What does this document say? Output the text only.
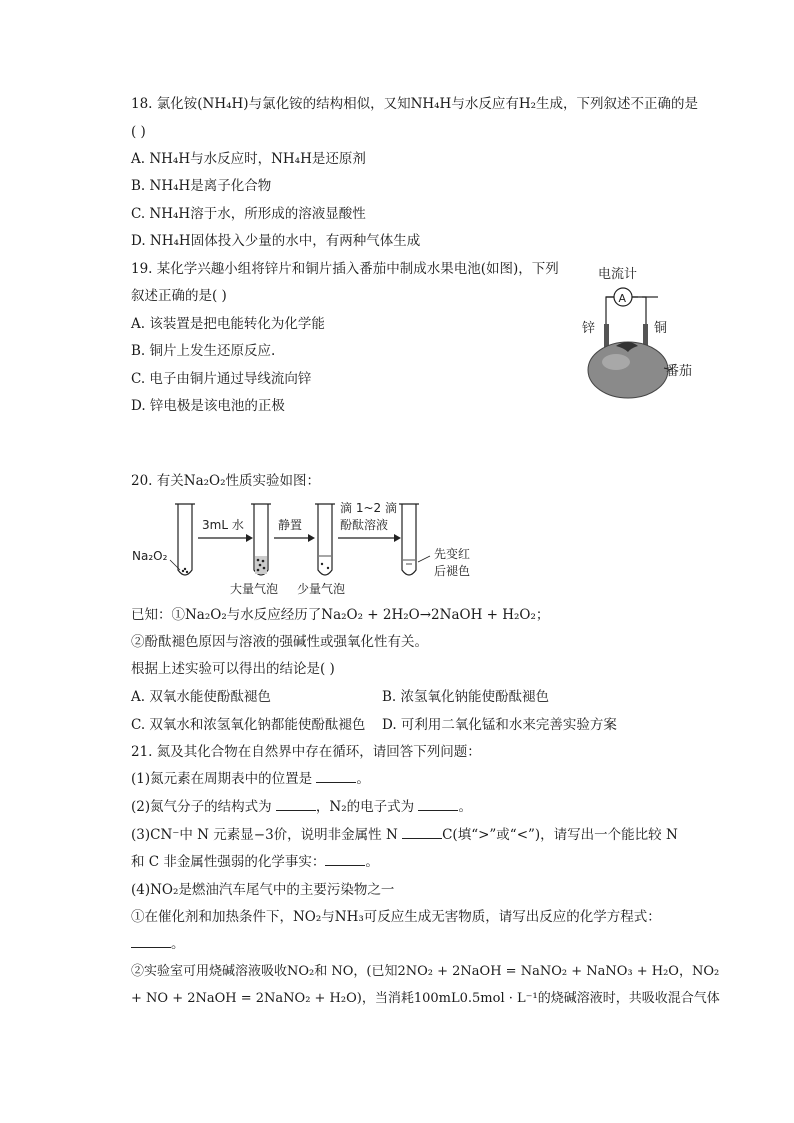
18. 氯化铵(NH₄H)与氯化铵的结构相似，又知NH₄H与水反应有H₂生成，下列叙述不正确的是
( )
A. NH₄H与水反应时，NH₄H是还原剂
B. NH₄H是离子化合物
C. NH₄H溶于水，所形成的溶液显酸性
D. NH₄H固体投入少量的水中，有两种气体生成
19. 某化学兴趣小组将锌片和铜片插入番茄中制成水果电池(如图)，下列
叙述正确的是( )
A. 该装置是把电能转化为化学能
B. 铜片上发生还原反应.
C. 电子由铜片通过导线流向锌
D. 锌电极是该电池的正极
电流计
A
锌	铜
番茄
20. 有关Na₂O₂性质实验如图：
Na₂O₂
3mL 水	静置
滴 1~2 滴
酚酞溶液
先变红
后褪色
大量气泡 少量气泡
已知：①Na₂O₂与水反应经历了Na₂O₂ + 2H₂O→2NaOH + H₂O₂；
②酚酞褪色原因与溶液的强碱性或强氧化性有关。
根据上述实验可以得出的结论是( )
A. 双氧水能使酚酞褪色	B. 浓氢氧化钠能使酚酞褪色
C. 双氧水和浓氢氧化钠都能使酚酞褪色 D. 可利用二氧化锰和水来完善实验方案
21. 氮及其化合物在自然界中存在循环，请回答下列问题：
(1)氮元素在周期表中的位置是	。
(2)氮气分子的结构式为	，N₂的电子式为	。
(3)CN⁻中 N 元素显−3价，说明非金属性 N	C(填“>”或“<”)，请写出一个能比较 N
和 C 非金属性强弱的化学事实：	。
(4)NO₂是燃油汽车尾气中的主要污染物之一
①在催化剂和加热条件下，NO₂与NH₃可反应生成无害物质，请写出反应的化学方程式：
。
②实验室可用烧碱溶液吸收NO₂和 NO，(已知2NO₂ + 2NaOH = NaNO₂ + NaNO₃ + H₂O，NO₂
+ NO + 2NaOH = 2NaNO₂ + H₂O)，当消耗100mL0.5mol · L⁻¹的烧碱溶液时，共吸收混合气体
